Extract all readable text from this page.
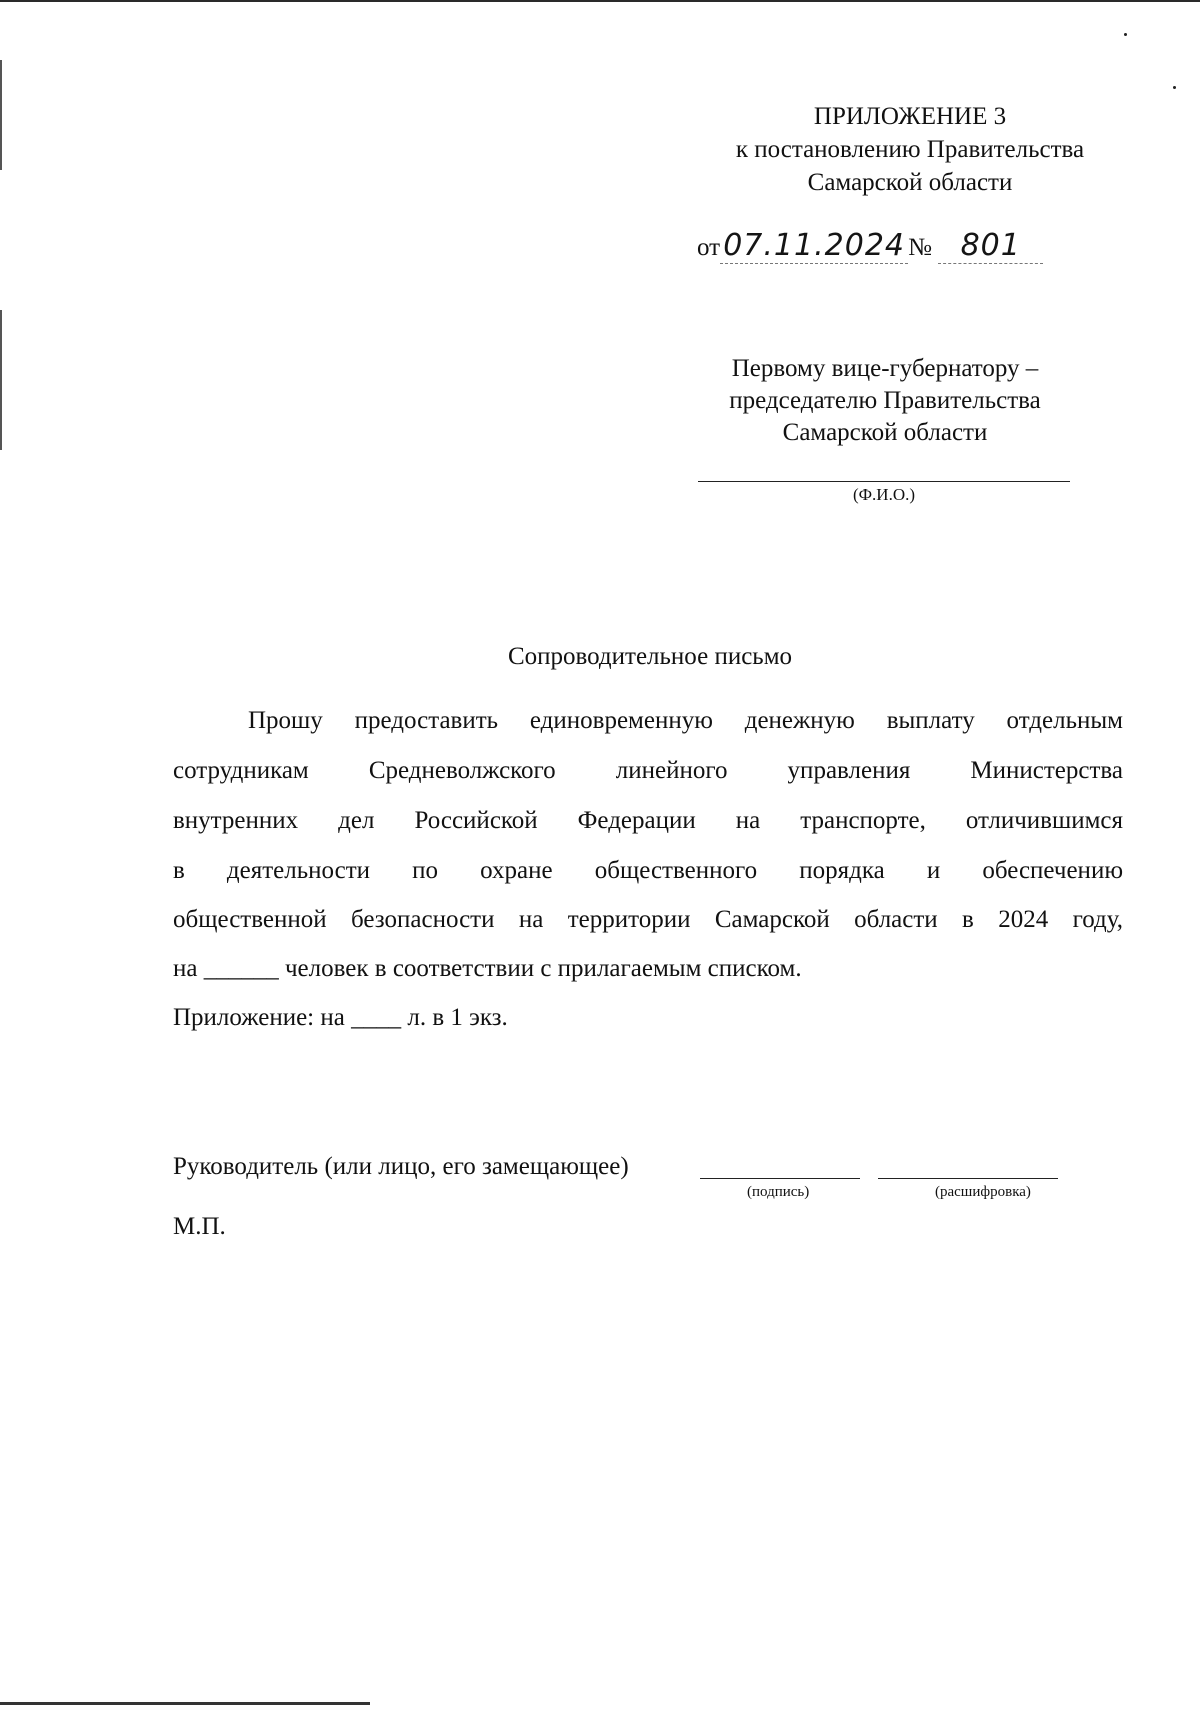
ПРИЛОЖЕНИЕ 3
к постановлению Правительства
Самарской области
от 07.11.2024 № 801
Первому вице-губернатору –
председателю Правительства
Самарской области
(Ф.И.О.)
Сопроводительное письмо
Прошу предоставить единовременную денежную выплату отдельным
сотрудникам Средневолжского линейного управления Министерства
внутренних дел Российской Федерации на транспорте, отличившимся
в деятельности по охране общественного порядка и обеспечению
общественной безопасности на территории Самарской области в 2024 году,
на ______ человек в соответствии с прилагаемым списком.
Приложение: на ____ л. в 1 экз.
Руководитель (или лицо, его замещающее)
(подпись)	(расшифровка)
М.П.
